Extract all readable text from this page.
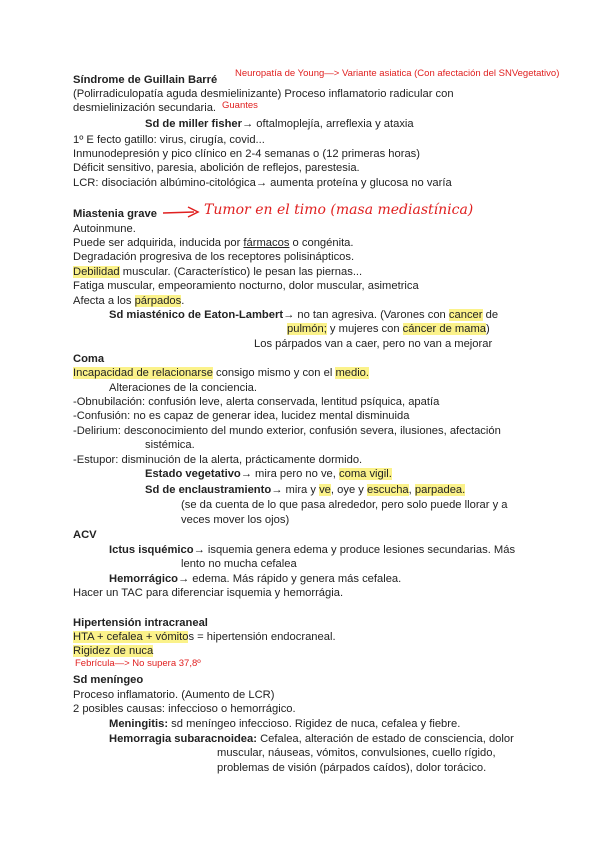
Síndrome de Guillain Barré
Neuropatía de Young—> Variante asiatica (Con afectación del SNVegetativo)
(Polirradiculopatía aguda desmielinizante) Proceso inflamatorio radicular con
desmielinización secundaria. Guantes
Sd de miller fisher→ oftalmoplejía, arreflexia y ataxia
1º E fecto gatillo: virus, cirugía, covid...
Inmunodepresión y pico clínico en 2-4 semanas o (12 primeras horas)
Déficit sensitivo, paresia, abolición de reflejos, parestesia.
LCR: disociación albúmino-citológica→ aumenta proteína y glucosa no varía
Miastenia grave	Tumor en el timo (masa mediastínica)
Autoinmune.
Puede ser adquirida, inducida por fármacos o congénita.
Degradación progresiva de los receptores polisinápticos.
Debilidad muscular. (Característico) le pesan las piernas...
Fatiga muscular, empeoramiento nocturno, dolor muscular, asimetrica
Afecta a los párpados.
Sd miasténico de Eaton-Lambert→ no tan agresiva. (Varones con cancer de
pulmón; y mujeres con cáncer de mama)
Los párpados van a caer, pero no van a mejorar
Coma
Incapacidad de relacionarse consigo mismo y con el medio.
Alteraciones de la conciencia.
-Obnubilación: confusión leve, alerta conservada, lentitud psíquica, apatía
-Confusión: no es capaz de generar idea, lucidez mental disminuida
-Delirium: desconocimiento del mundo exterior, confusión severa, ilusiones, afectación
sistémica.
-Estupor: disminución de la alerta, prácticamente dormido.
Estado vegetativo→ mira pero no ve, coma vigil.
Sd de enclaustramiento→ mira y ve, oye y escucha, parpadea.
(se da cuenta de lo que pasa alrededor, pero solo puede llorar y a
veces mover los ojos)
ACV
Ictus isquémico→ isquemia genera edema y produce lesiones secundarias. Más
lento no mucha cefalea
Hemorrágico→ edema. Más rápido y genera más cefalea.
Hacer un TAC para diferenciar isquemia y hemorrágia.
Hipertensión intracraneal
HTA + cefalea + vómitos = hipertensión endocraneal.
Rigidez de nuca
Febrícula—> No supera 37,8º
Sd meníngeo
Proceso inflamatorio. (Aumento de LCR)
2 posibles causas: infeccioso o hemorrágico.
Meningitis: sd meníngeo infeccioso. Rigidez de nuca, cefalea y fiebre.
Hemorragia subaracnoidea: Cefalea, alteración de estado de consciencia, dolor
muscular, náuseas, vómitos, convulsiones, cuello rígido,
problemas de visión (párpados caídos), dolor torácico.
